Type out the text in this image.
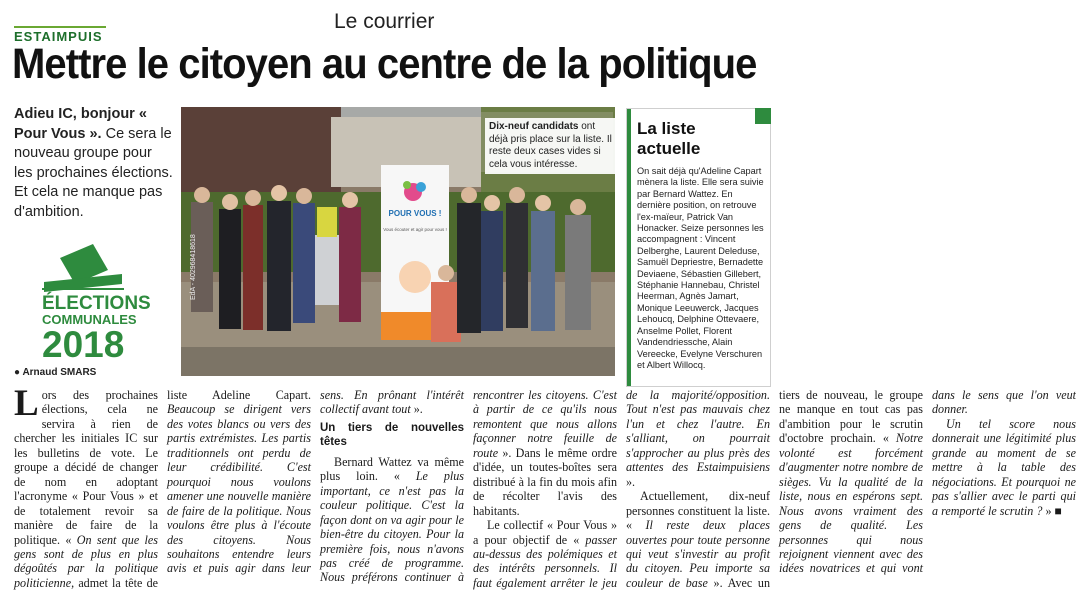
ESTAIMPUIS
Le courrier
Mettre le citoyen au centre de la politique
Adieu IC, bonjour « Pour Vous ». Ce sera le nouveau groupe pour les prochaines élections. Et cela ne manque pas d'ambition.
ÉLECTIONS
COMMUNALES
2018
● Arnaud SMARS
POUR VOUS !
Vous écouter et agir pour vous !
Dix-neuf candidats ont déjà pris place sur la liste. Il reste deux cases vides si cela vous intéresse.
EdA - 402968418618
La liste actuelle
On sait déjà qu'Adeline Capart mènera la liste. Elle sera suivie par Bernard Wattez. En dernière position, on retrouve l'ex-maïeur, Patrick Van Honacker. Seize personnes les accompagnent : Vincent Delberghe, Laurent Deleduse, Samuël Depriestre, Bernadette Deviaene, Sébastien Gillebert, Stéphanie Hannebau, Christel Heerman, Agnès Jamart, Monique Leeuwerck, Jacques Lehoucq, Delphine Ottevaere, Anselme Pollet, Florent Vandendriessche, Alain Vereecke, Evelyne Verschuren et Albert Willocq.

Lors des prochaines élections, cela ne servira à rien de chercher les initiales IC sur les bulletins de vote. Le groupe a décidé de changer de nom en adoptant l'acronyme « Pour Vous » et de totalement revoir sa manière de faire de la politique. « On sent que les gens sont de plus en plus dégoûtés par la politique politicienne, admet la tête de liste Adeline Capart. Beaucoup se dirigent vers des votes blancs ou vers des partis extrémistes. Les partis traditionnels ont perdu de leur crédibilité. C'est pourquoi nous voulons amener une nouvelle manière de faire de la politique. Nous voulons être plus à l'écoute des citoyens. Nous souhaitons entendre leurs avis et puis agir dans leur sens. En prônant l'intérêt collectif avant tout ».

Un tiers de nouvelles têtes

Bernard Wattez va même plus loin. « Le plus important, ce n'est pas la couleur politique. C'est la façon dont on va agir pour le bien-être du citoyen. Pour la première fois, nous n'avons pas créé de programme. Nous préférons continuer à rencontrer les citoyens. C'est à partir de ce qu'ils nous remontent que nous allons façonner notre feuille de route ». Dans le même ordre d'idée, un toutes-boîtes sera distribué à la fin du mois afin de récolter l'avis des habitants.

Le collectif « Pour Vous » a pour objectif de « passer au-dessus des polémiques et des intérêts personnels. Il faut également arrêter le jeu de la majorité/opposition. Tout n'est pas mauvais chez l'un et chez l'autre. En s'alliant, on pourrait s'approcher au plus près des attentes des Estaimpuisiens ».

Actuellement, dix-neuf personnes constituent la liste. « Il reste deux places ouvertes pour toute personne qui veut s'investir au profit du citoyen. Peu importe sa couleur de base ». Avec un tiers de nouveau, le groupe ne manque en tout cas pas d'ambition pour le scrutin d'octobre prochain. « Notre volonté est forcément d'augmenter notre nombre de sièges. Vu la qualité de la liste, nous en espérons sept. Nous avons vraiment des gens de qualité. Les personnes qui nous rejoignent viennent avec des idées novatrices et qui vont dans le sens que l'on veut donner.

Un tel score nous donnerait une légitimité plus grande au moment de se mettre à la table des négociations. Et pourquoi ne pas s'allier avec le parti qui a remporté le scrutin ? » ■
